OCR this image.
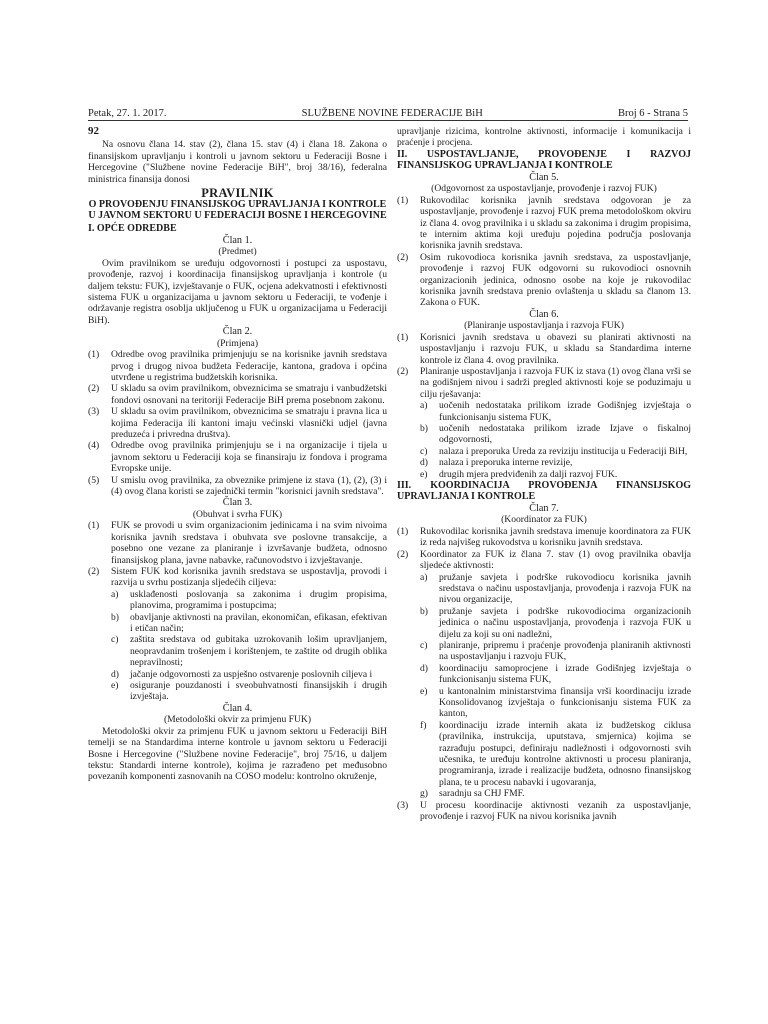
Petak, 27. 1. 2017.	SLUŽBENE NOVINE FEDERACIJE BiH	Broj 6 - Strana 5
92

Na osnovu člana 14. stav (2), člana 15. stav (4) i člana 18. Zakona o finansijskom upravljanju i kontroli u javnom sektoru u Federaciji Bosne i Hercegovine ("Službene novine Federacije BiH", broj 38/16), federalna ministrica finansija donosi

PRAVILNIK
O PROVOĐENJU FINANSIJSKOG UPRAVLJANJA I KONTROLE U JAVNOM SEKTORU U FEDERACIJI BOSNE I HERCEGOVINE
I. OPĆE ODREDBE
Član 1.
(Predmet)

Ovim pravilnikom se uređuju odgovornosti i postupci za uspostavu, provođenje, razvoj i koordinacija finansijskog upravljanja i kontrole (u daljem tekstu: FUK), izvještavanje o FUK, ocjena adekvatnosti i efektivnosti sistema FUK u organizacijama u javnom sektoru u Federaciji, te vođenje i održavanje registra osoblja uključenog u FUK u organizacijama u Federaciji BiH).

Član 2.
(Primjena)
(1)	Odredbe ovog pravilnika primjenjuju se na korisnike javnih sredstava prvog i drugog nivoa budžeta Federacije, kantona, gradova i općina utvrđene u registrima budžetskih korisnika.
(2)	U skladu sa ovim pravilnikom, obveznicima se smatraju i vanbudžetski fondovi osnovani na teritoriji Federacije BiH prema posebnom zakonu.
(3)	U skladu sa ovim pravilnikom, obveznicima se smatraju i pravna lica u kojima Federacija ili kantoni imaju većinski vlasnički udjel (javna preduzeća i privredna društva).
(4)	Odredbe ovog pravilnika primjenjuju se i na organizacije i tijela u javnom sektoru u Federaciji koja se finansiraju iz fondova i programa Evropske unije.
(5)	U smislu ovog pravilnika, za obveznike primjene iz stava (1), (2), (3) i (4) ovog člana koristi se zajednički termin "korisnici javnih sredstava".
Član 3.
(Obuhvat i svrha FUK)
(1)	FUK se provodi u svim organizacionim jedinicama i na svim nivoima korisnika javnih sredstava i obuhvata sve poslovne transakcije, a posebno one vezane za planiranje i izvršavanje budžeta, odnosno finansijskog plana, javne nabavke, računovodstvo i izvještavanje.
(2)	Sistem FUK kod korisnika javnih sredstava se uspostavlja, provodi i razvija u svrhu postizanja sljedećih ciljeva:
a)	usklađenosti poslovanja sa zakonima i drugim propisima, planovima, programima i postupcima;
b)	obavljanje aktivnosti na pravilan, ekonomičan, efikasan, efektivan i etičan način;
c)	zaštita sredstava od gubitaka uzrokovanih lošim upravljanjem, neopravdanim trošenjem i korištenjem, te zaštite od drugih oblika nepravilnosti;
d)	jačanje odgovornosti za uspješno ostvarenje poslovnih ciljeva i
e)	osiguranje pouzdanosti i sveobuhvatnosti finansijskih i drugih izvještaja.
Član 4.
(Metodološki okvir za primjenu FUK)

Metodološki okvir za primjenu FUK u javnom sektoru u Federaciji BiH temelji se na Standardima interne kontrole u javnom sektoru u Federaciji Bosne i Hercegovine ("Službene novine Federacije", broj 75/16, u daljem tekstu: Standardi interne kontrole), kojima je razrađeno pet međusobno povezanih komponenti zasnovanih na COSO modelu: kontrolno okruženje,

upravljanje rizicima, kontrolne aktivnosti, informacije i komunikacija i praćenje i procjena.

II. USPOSTAVLJANJE, PROVOĐENJE I RAZVOJ FINANSIJSKOG UPRAVLJANJA I KONTROLE
Član 5.
(Odgovornost za uspostavljanje, provođenje i razvoj FUK)
(1)	Rukovodilac korisnika javnih sredstava odgovoran je za uspostavljanje, provođenje i razvoj FUK prema metodološkom okviru iz člana 4. ovog pravilnika i u skladu sa zakonima i drugim propisima, te internim aktima koji uređuju pojedina područja poslovanja korisnika javnih sredstava.
(2)	Osim rukovodioca korisnika javnih sredstava, za uspostavljanje, provođenje i razvoj FUK odgovorni su rukovodioci osnovnih organizacionih jedinica, odnosno osobe na koje je rukovodilac korisnika javnih sredstava prenio ovlaštenja u skladu sa članom 13. Zakona o FUK.
Član 6.
(Planiranje uspostavljanja i razvoja FUK)
(1)	Korisnici javnih sredstava u obavezi su planirati aktivnosti na uspostavljanju i razvoju FUK, u skladu sa Standardima interne kontrole iz člana 4. ovog pravilnika.
(2)	Planiranje uspostavljanja i razvoja FUK iz stava (1) ovog člana vrši se na godišnjem nivou i sadrži pregled aktivnosti koje se poduzimaju u cilju rješavanja:
a)	uočenih nedostataka prilikom izrade Godišnjeg izvještaja o funkcionisanju sistema FUK,
b)	uočenih nedostataka prilikom izrade Izjave o fiskalnoj odgovornosti,
c)	nalaza i preporuka Ureda za reviziju institucija u Federaciji BiH,
d)	nalaza i preporuka interne revizije,
e)	drugih mjera predviđenih za dalji razvoj FUK.
III. KOORDINACIJA PROVOĐENJA FINANSIJSKOG UPRAVLJANJA I KONTROLE
Član 7.
(Koordinator za FUK)
(1)	Rukovodilac korisnika javnih sredstava imenuje koordinatora za FUK iz reda najvišeg rukovodstva u korisniku javnih sredstava.
(2)	Koordinator za FUK iz člana 7. stav (1) ovog pravilnika obavlja sljedeće aktivnosti:
a)	pružanje savjeta i podrške rukovodiocu korisnika javnih sredstava o načinu uspostavljanja, provođenja i razvoja FUK na nivou organizacije,
b)	pružanje savjeta i podrške rukovodiocima organizacionih jedinica o načinu uspostavljanja, provođenja i razvoja FUK u dijelu za koji su oni nadležni,
c)	planiranje, pripremu i praćenje provođenja planiranih aktivnosti na uspostavljanju i razvoju FUK,
d)	koordinaciju samoprocjene i izrade Godišnjeg izvještaja o funkcionisanju sistema FUK,
e)	u kantonalnim ministarstvima finansija vrši koordinaciju izrade Konsolidovanog izvještaja o funkcionisanju sistema FUK za kanton,
f)	koordinaciju izrade internih akata iz budžetskog ciklusa (pravilnika, instrukcija, uputstava, smjernica) kojima se razrađuju postupci, definiraju nadležnosti i odgovornosti svih učesnika, te uređuju kontrolne aktivnosti u procesu planiranja, programiranja, izrade i realizacije budžeta, odnosno finansijskog plana, te u procesu nabavki i ugovaranja,
g)	saradnju sa CHJ FMF.
(3)	U procesu koordinacije aktivnosti vezanih za uspostavljanje, provođenje i razvoj FUK na nivou korisnika javnih
